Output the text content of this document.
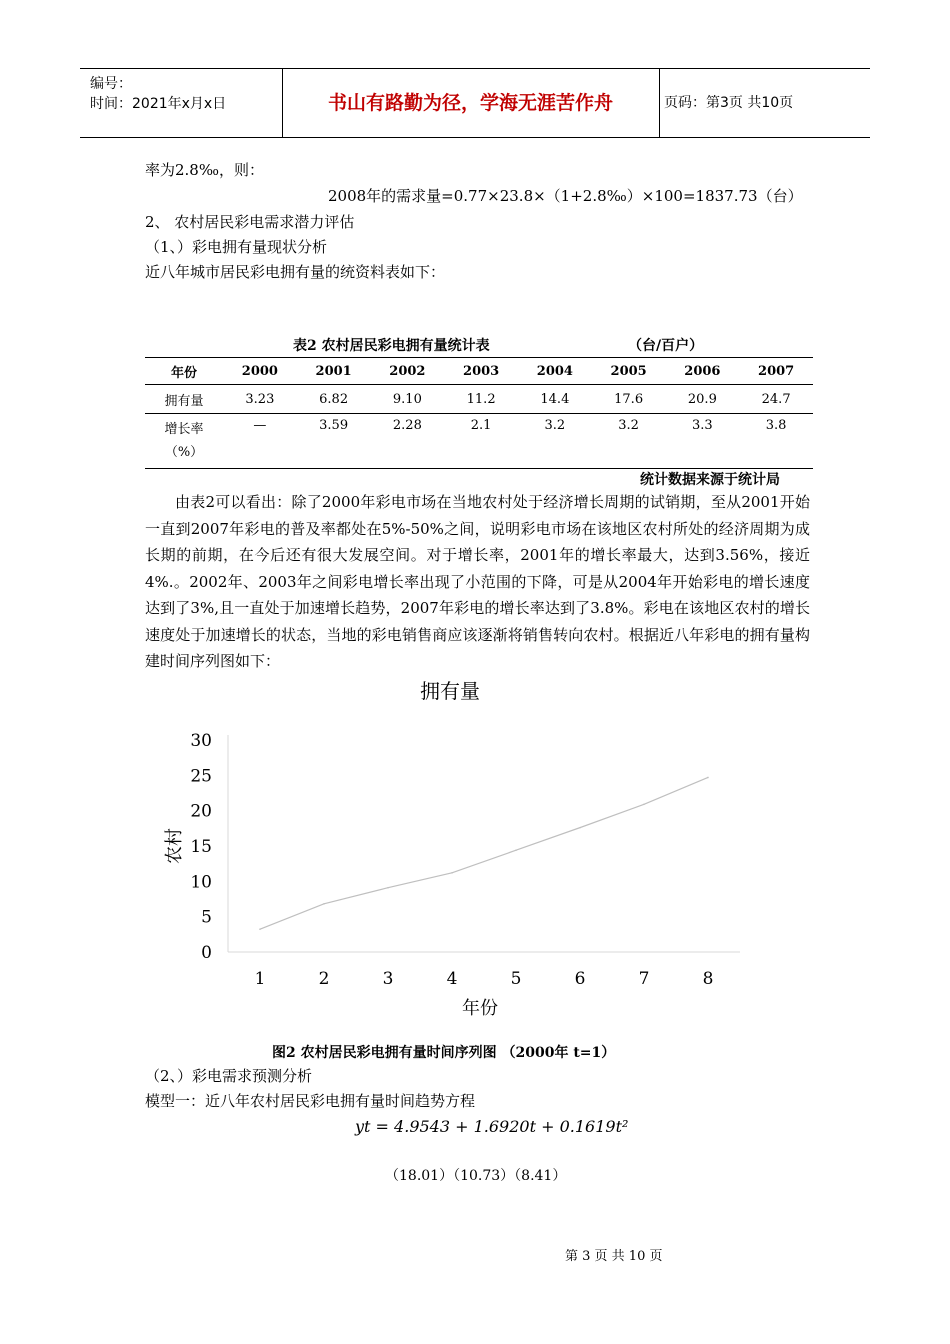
编号：
时间：2021年x月x日	书山有路勤为径，学海无涯苦作舟	页码：第3页 共10页
率为2.8‰，则：
2008年的需求量=0.77×23.8×（1+2.8‰）×100=1837.73（台）
2、 农村居民彩电需求潜力评估
（1、）彩电拥有量现状分析
近八年城市居民彩电拥有量的统资料表如下：
表2 农村居民彩电拥有量统计表	（台/百户）
年份	2000	2001	2002	2003	2004	2005	2006	2007
拥有量	3.23	6.82	9.10	11.2	14.4	17.6	20.9	24.7

增长率
（%）	—	3.59	2.28	2.1	3.2	3.2	3.3	3.8
统计数据来源于统计局
由表2可以看出：除了2000年彩电市场在当地农村处于经济增长周期的试销期，至从2001开始一直到2007年彩电的普及率都处在5%-50%之间，说明彩电市场在该地区农村所处的经济周期为成长期的前期，在今后还有很大发展空间。对于增长率，2001年的增长率最大，达到3.56%，接近4%.。2002年、2003年之间彩电增长率出现了小范围的下降，可是从2004年开始彩电的增长速度达到了3%,且一直处于加速增长趋势，2007年彩电的增长率达到了3.8%。彩电在该地区农村的增长速度处于加速增长的状态，当地的彩电销售商应该逐渐将销售转向农村。根据近八年彩电的拥有量构建时间序列图如下：
拥有量
0
5
10
15
20
25
30
1	2	3	4	5	6	7	8
农村
年份
图2 农村居民彩电拥有量时间序列图 （2000年 t=1）
（2、）彩电需求预测分析
模型一：近八年农村居民彩电拥有量时间趋势方程
yt = 4.9543 + 1.6920t + 0.1619t²
（18.01）（10.73）（8.41）
第 3 页 共 10 页
